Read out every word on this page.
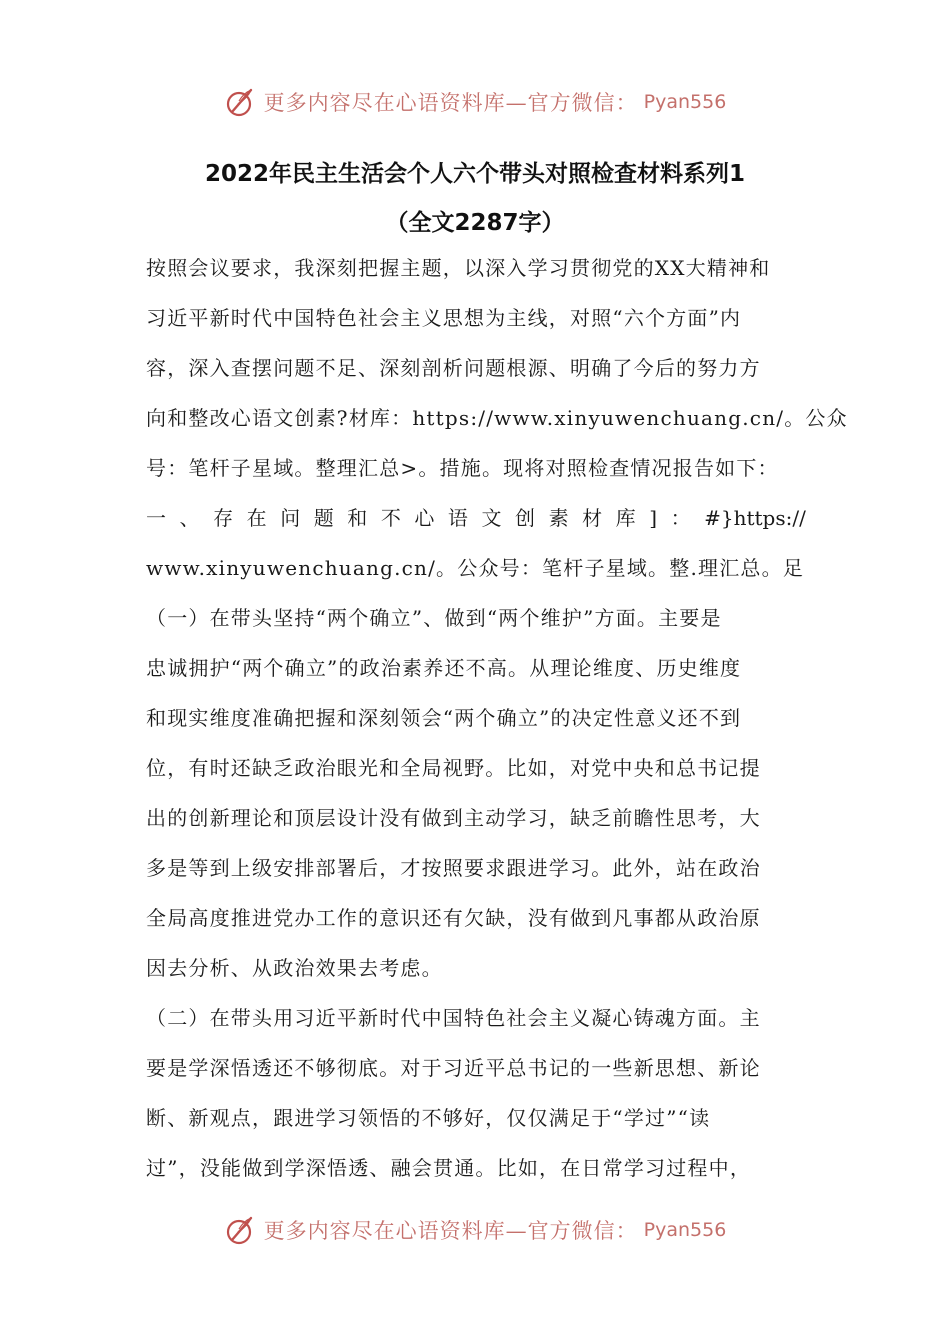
更多内容尽在心语资料库—官方微信： Pyan556
2022年民主生活会个人六个带头对照检查材料系列1
（全文2287字）
按照会议要求，我深刻把握主题，以深入学习贯彻党的XX大精神和
习近平新时代中国特色社会主义思想为主线，对照“六个方面”内
容，深入查摆问题不足、深刻剖析问题根源、明确了今后的努力方
向和整改心语文创素?材库：https://www.xinyuwenchuang.cn/。公众
号：笔杆子星域。整理汇总>。措施。现将对照检查情况报告如下：
一 、 存 在 问 题 和 不 心 语 文 创 素 材 库 ] ： #}https://
www.xinyuwenchuang.cn/。公众号：笔杆子星域。整.理汇总。足
（一）在带头坚持“两个确立”、做到“两个维护”方面。主要是
忠诚拥护“两个确立”的政治素养还不高。从理论维度、历史维度
和现实维度准确把握和深刻领会“两个确立”的决定性意义还不到
位，有时还缺乏政治眼光和全局视野。比如，对党中央和总书记提
出的创新理论和顶层设计没有做到主动学习，缺乏前瞻性思考，大
多是等到上级安排部署后，才按照要求跟进学习。此外，站在政治
全局高度推进党办工作的意识还有欠缺，没有做到凡事都从政治原
因去分析、从政治效果去考虑。
（二）在带头用习近平新时代中国特色社会主义凝心铸魂方面。主
要是学深悟透还不够彻底。对于习近平总书记的一些新思想、新论
断、新观点，跟进学习领悟的不够好，仅仅满足于“学过”“读
过”，没能做到学深悟透、融会贯通。比如，在日常学习过程中，
更多内容尽在心语资料库—官方微信： Pyan556
